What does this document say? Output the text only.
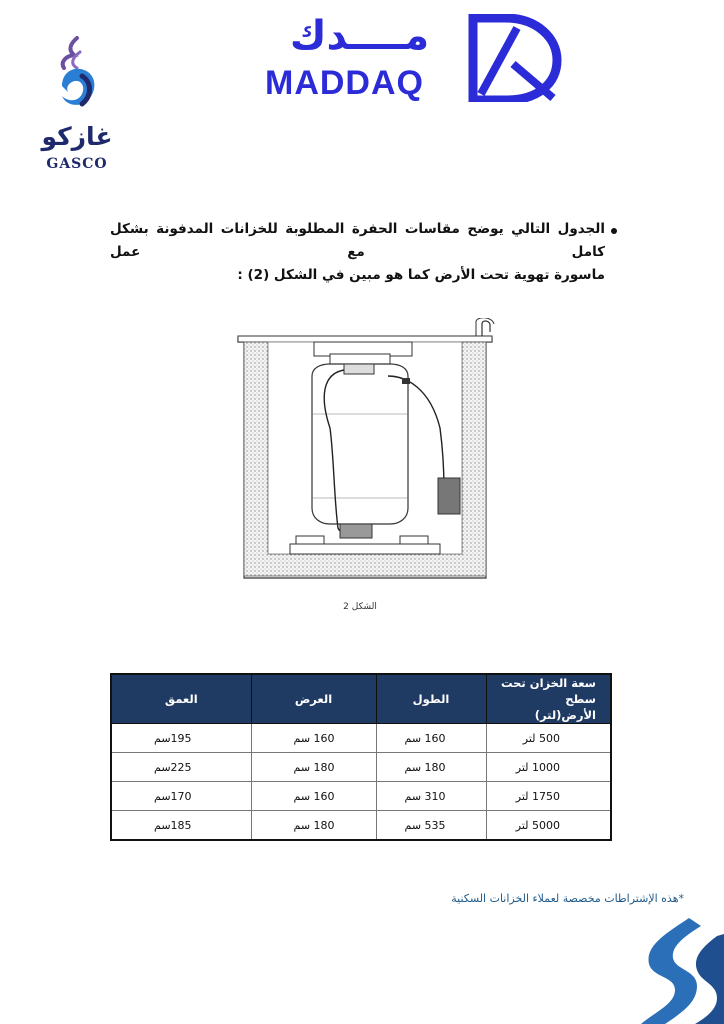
غازكو
GASCO
مــــدك
MADDAQ
الجدول التالي يوضح مقاسات الحفرة المطلوبة للخزانات المدفونة بشكل كامل مع عمل
ماسورة تهوية تحت الأرض كما هو مبين في الشكل (2) :
الشكل 2
سعة الخزان تحت سطح
الأرض(لتر)	الطول	العرض	العمق
500 لتر	160 سم	160 سم	195سم
1000 لتر	180 سم	180 سم	225سم
1750 لتر	310 سم	160 سم	170سم
5000 لتر	535 سم	180 سم	185سم
*هذه الإشتراطات مخصصة لعملاء الخزانات السكنية
